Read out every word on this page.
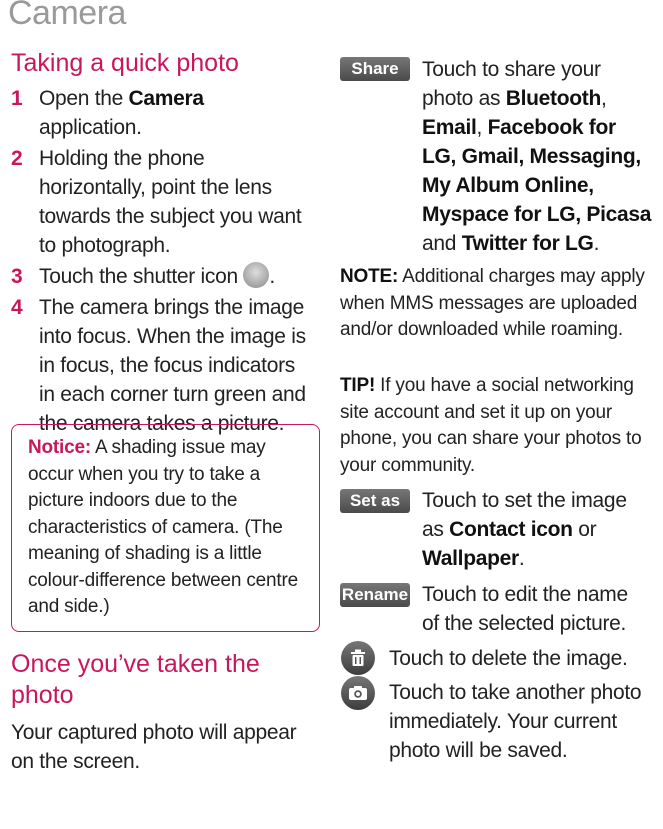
Camera
Taking a quick photo
1 Open the Camera application.
2 Holding the phone horizontally, point the lens towards the subject you want to photograph.
3 Touch the shutter icon .
4 The camera brings the image into focus. When the image is in focus, the focus indicators in each corner turn green and the camera takes a picture.
Notice: A shading issue may occur when you try to take a picture indoors due to the characteristics of camera. (The meaning of shading is a little colour-difference between centre and side.)
Once you’ve taken the photo
Your captured photo will appear on the screen.
Share	Touch to share your photo as Bluetooth, Email, Facebook for LG, Gmail, Messaging, My Album Online, Myspace for LG, Picasa and Twitter for LG.
NOTE: Additional charges may apply when MMS messages are uploaded and/or downloaded while roaming.
TIP! If you have a social networking site account and set it up on your phone, you can share your photos to your community.
Set as	Touch to set the image as Contact icon or Wallpaper.
Rename Touch to edit the name of the selected picture.
Touch to delete the image.
Touch to take another photo immediately. Your current photo will be saved.
